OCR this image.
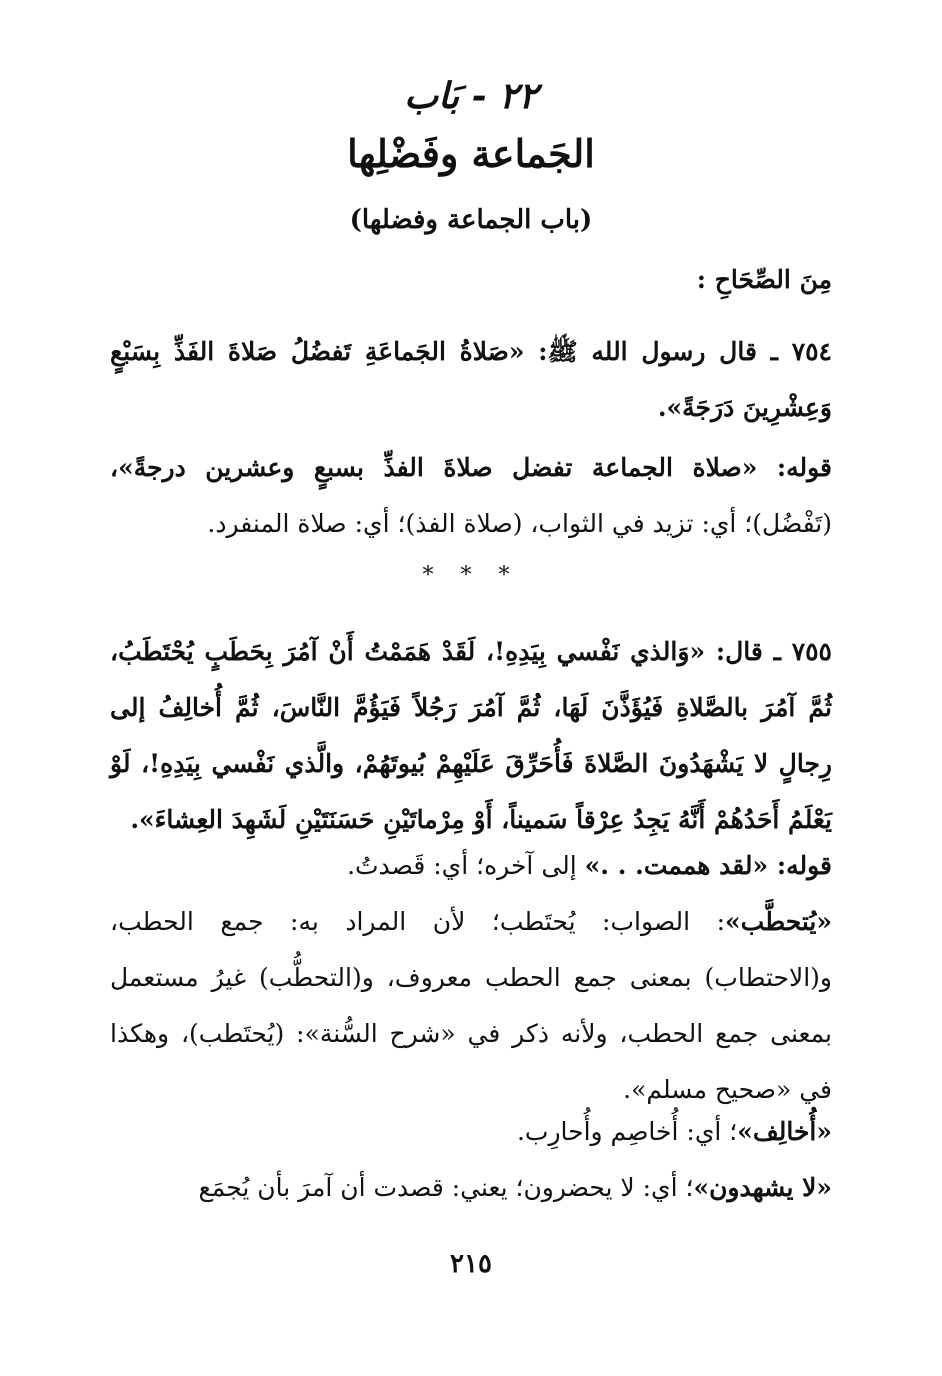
٢٢ - بَاب
الجَماعة وفَضْلِها
(باب الجماعة وفضلها)
مِنَ الصِّحَاحِ :
٧٥٤ ـ قال رسول الله ﷺ: «صَلاةُ الجَماعَةِ تَفضُلُ صَلاةَ الفَذِّ بِسَبْعٍ وَعِشْرِينَ دَرَجَةً».
قوله: «صلاة الجماعة تفضل صلاةَ الفذِّ بسبعٍ وعشرين درجةً»، (تَفْضُل)؛ أي: تزيد في الثواب، (صلاة الفذ)؛ أي: صلاة المنفرد.
* * *
٧٥٥ ـ قال: «وَالذي نَفْسي بِيَدِهِ!، لَقَدْ هَمَمْتُ أَنْ آمُرَ بِحَطَبٍ يُحْتَطَبُ، ثُمَّ آمُرَ بالصَّلاةِ فَيُؤَذَّنَ لَهَا، ثُمَّ آمُرَ رَجُلاً فَيَؤُمَّ النَّاسَ، ثُمَّ أُخالِفُ إلى رِجالٍ لا يَشْهَدُونَ الصَّلاةَ فَأُحَرِّقَ عَلَيْهِمْ بُيوتَهُمْ، والَّذي نَفْسي بِيَدِهِ!، لَوْ يَعْلَمُ أَحَدُهُمْ أَنَّهُ يَجِدُ عِرْقاً سَميناً، أَوْ مِرْماتَيْنِ حَسَنَتَيْنِ لَشَهِدَ العِشاءَ».
قوله: «لقد هممت. . .» إلى آخره؛ أي: قَصدتُ.
«يُتحطَّب»: الصواب: يُحتَطب؛ لأن المراد به: جمع الحطب، و(الاحتطاب) بمعنى جمع الحطب معروف، و(التحطُّب) غيرُ مستعمل بمعنى جمع الحطب، ولأنه ذكر في «شرح السُّنة»: (يُحتَطب)، وهكذا في «صحيح مسلم».
«أُخالِف»؛ أي: أُخاصِم وأُحارِب.
«لا يشهدون»؛ أي: لا يحضرون؛ يعني: قصدت أن آمرَ بأن يُجمَع
٢١٥
